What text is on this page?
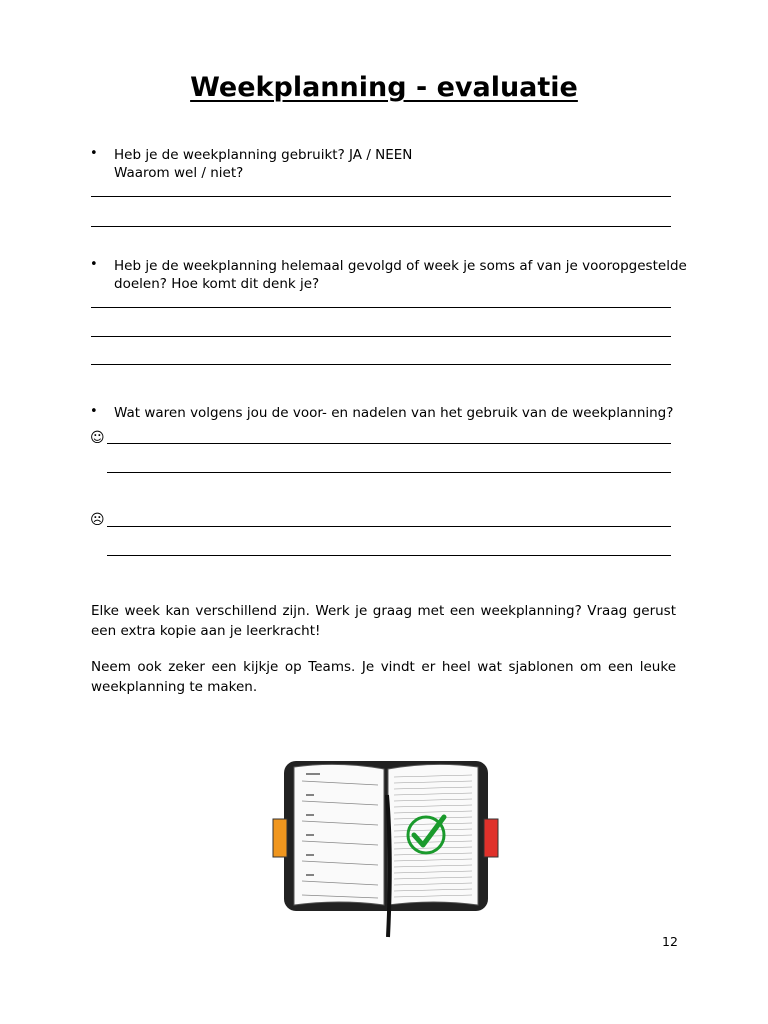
Weekplanning - evaluatie
• Heb je de weekplanning gebruikt? JA / NEEN
Waarom wel / niet?
• Heb je de weekplanning helemaal gevolgd of week je soms af van je vooropgestelde
doelen? Hoe komt dit denk je?
• Wat waren volgens jou de voor- en nadelen van het gebruik van de weekplanning?
☺
☹
Elke week kan verschillend zijn. Werk je graag met een weekplanning? Vraag gerust een extra kopie aan je leerkracht!
Neem ook zeker een kijkje op Teams. Je vindt er heel wat sjablonen om een leuke weekplanning te maken.
12
